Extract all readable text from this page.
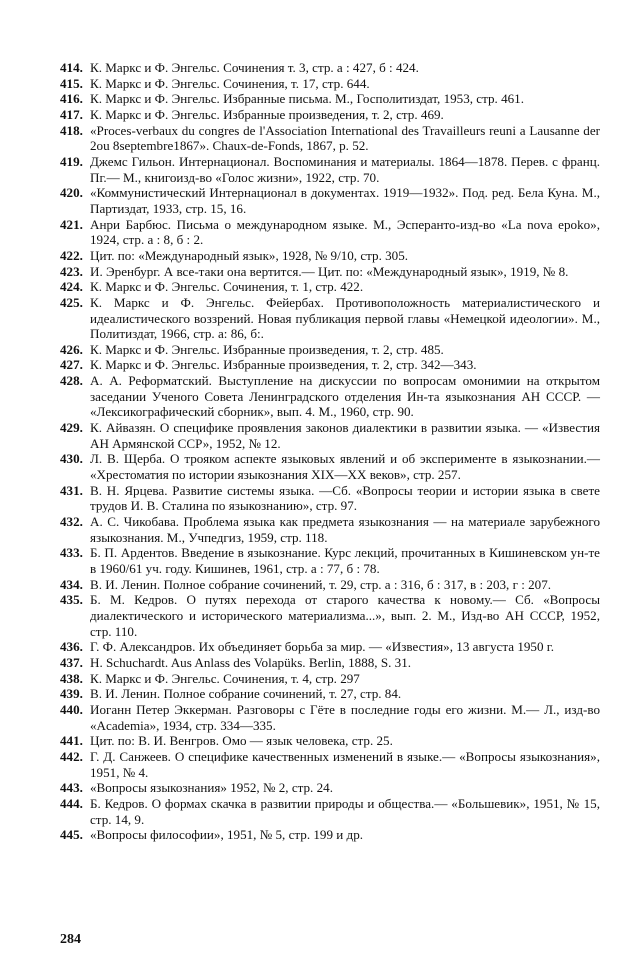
414. К. Маркс и Ф. Энгельс. Сочинения т. 3, стр. а : 427, б : 424.
415. К. Маркс и Ф. Энгельс. Сочинения, т. 17, стр. 644.
416. К. Маркс и Ф. Энгельс. Избранные письма. М., Госполитиздат, 1953, стр. 461.
417. К. Маркс и Ф. Энгельс. Избранные произведения, т. 2, стр. 469.
418. «Proces-verbaux du congres de l'Association International des Travailleurs reuni a Lausanne der 2ou 8septembre1867». Chaux-de-Fonds, 1867, p. 52.
419. Джемс Гильон. Интернационал. Воспоминания и материалы. 1864—1878. Перев. с франц. Пг.— М., книгоизд-во «Голос жизни», 1922, стр. 70.
420. «Коммунистический Интернационал в документах. 1919—1932». Под. ред. Бела Куна. М., Партиздат, 1933, стр. 15, 16.
421. Анри Барбюс. Письма о международном языке. М., Эсперанто-изд-во «La nova epoko», 1924, стр. а : 8, б : 2.
422. Цит. по: «Международный язык», 1928, № 9/10, стр. 305.
423. И. Эренбург. А все-таки она вертится.— Цит. по: «Международный язык», 1919, № 8.
424. К. Маркс и Ф. Энгельс. Сочинения, т. 1, стр. 422.
425. К. Маркс и Ф. Энгельс. Фейербах. Противоположность материалистического и идеалистического воззрений. Новая публикация первой главы «Немецкой идеологии». М., Политиздат, 1966, стр. а: 86, б:.
426. К. Маркс и Ф. Энгельс. Избранные произведения, т. 2, стр. 485.
427. К. Маркс и Ф. Энгельс. Избранные произведения, т. 2, стр. 342—343.
428. А. А. Реформатский. Выступление на дискуссии по вопросам омонимии на открытом заседании Ученого Совета Ленинградского отделения Ин-та языкознания АН СССР. — «Лексикографический сборник», вып. 4. М., 1960, стр. 90.
429. К. Айвазян. О специфике проявления законов диалектики в развитии языка. — «Известия АН Армянской ССР», 1952, № 12.
430. Л. В. Щерба. О трояком аспекте языковых явлений и об эксперименте в языкознании.— «Хрестоматия по истории языкознания XIX—XX веков», стр. 257.
431. В. Н. Ярцева. Развитие системы языка. —Сб. «Вопросы теории и истории языка в свете трудов И. В. Сталина по языкознанию», стр. 97.
432. А. С. Чикобава. Проблема языка как предмета языкознания — на материале зарубежного языкознания. М., Учпедгиз, 1959, стр. 118.
433. Б. П. Ардентов. Введение в языкознание. Курс лекций, прочитанных в Кишиневском ун-те в 1960/61 уч. году. Кишинев, 1961, стр. а : 77, б : 78.
434. В. И. Ленин. Полное собрание сочинений, т. 29, стр. а : 316, б : 317, в : 203, г : 207.
435. Б. М. Кедров. О путях перехода от старого качества к новому.— Сб. «Вопросы диалектического и исторического материализма...», вып. 2. М., Изд-во АН СССР, 1952, стр. 110.
436. Г. Ф. Александров. Их объединяет борьба за мир. — «Известия», 13 августа 1950 г.
437. H. Schuchardt. Aus Anlass des Volapüks. Berlin, 1888, S. 31.
438. К. Маркс и Ф. Энгельс. Сочинения, т. 4, стр. 297
439. В. И. Ленин. Полное собрание сочинений, т. 27, стр. 84.
440. Иоганн Петер Эккерман. Разговоры с Гёте в последние годы его жизни. М.— Л., изд-во «Academia», 1934, стр. 334—335.
441. Цит. по: В. И. Венгров. Омо — язык человека, стр. 25.
442. Г. Д. Санжеев. О специфике качественных изменений в языке.— «Вопросы языкознания», 1951, № 4.
443. «Вопросы языкознания» 1952, № 2, стр. 24.
444. Б. Кедров. О формах скачка в развитии природы и общества.— «Большевик», 1951, № 15, стр. 14, 9.
445. «Вопросы философии», 1951, № 5, стр. 199 и др.
284
